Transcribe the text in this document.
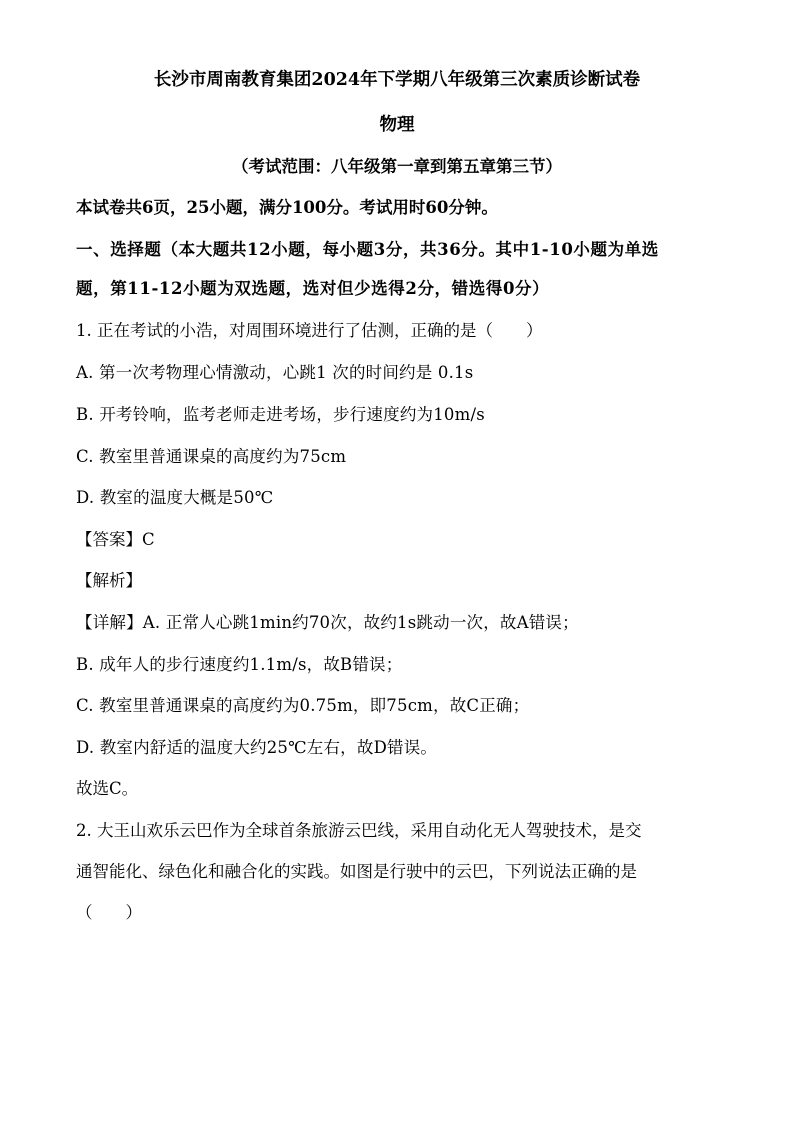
长沙市周南教育集团2024年下学期八年级第三次素质诊断试卷
物理
（考试范围：八年级第一章到第五章第三节）
本试卷共6页，25小题，满分100分。考试用时60分钟。
一、选择题（本大题共12小题，每小题3分，共36分。其中1-10小题为单选
题，第11-12小题为双选题，选对但少选得2分，错选得0分）
1. 正在考试的小浩，对周围环境进行了估测，正确的是（　　）
A. 第一次考物理心情激动，心跳1 次的时间约是 0.1s
B. 开考铃响，监考老师走进考场，步行速度约为10m/s
C. 教室里普通课桌的高度约为75cm
D. 教室的温度大概是50℃
【答案】C
【解析】
【详解】A. 正常人心跳1min约70次，故约1s跳动一次，故A错误；
B. 成年人的步行速度约1.1m/s，故B错误；
C. 教室里普通课桌的高度约为0.75m，即75cm，故C正确；
D. 教室内舒适的温度大约25℃左右，故D错误。
故选C。
2. 大王山欢乐云巴作为全球首条旅游云巴线，采用自动化无人驾驶技术，是交
通智能化、绿色化和融合化的实践。如图是行驶中的云巴，下列说法正确的是
（　　）
